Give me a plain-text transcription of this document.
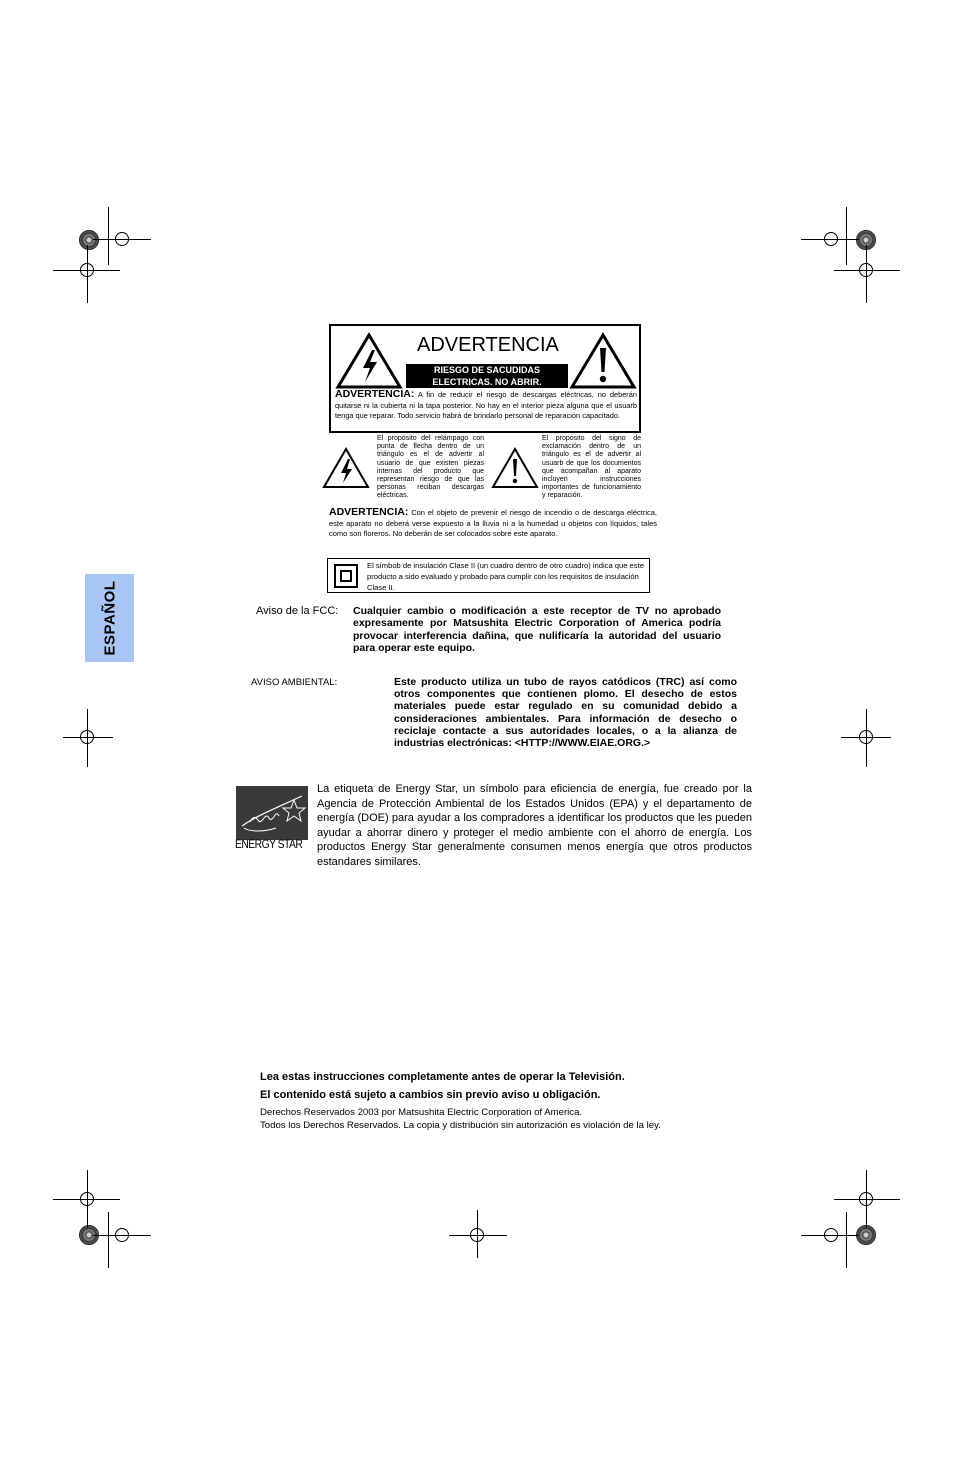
ESPAÑOL
ADVERTENCIA
RIESGO DE SACUDIDAS
ELECTRICAS. NO ABRIR.
ADVERTENCIA: A fin de reducir el riesgo de descargas eléctricas, no deberán quitarse ni la cubierta ni la tapa posterior. No hay en el interior pieza alguna que el usuarb tenga que reparar. Todo servicio habrá de brindarlo personal de reparación capacitado.
El propósito del relámpago con punta de flecha dentro de un triángulo es el de advertir al usuario de que existen piezas internas del producto que representan riesgo de que las personas reciban descargas eléctricas.
El propósito del signo de exclamación dentro de un triángulo es el de advertir al usuarb de que los documentos que acompañan al aparato incluyen instrucciones importantes de funcionamiento y reparación.
ADVERTENCIA: Con el objeto de prevenir el riesgo de incendio o de descarga eléctrica, este aparato no deberá verse expuesto a la lluvia ni a la humedad u objetos con líquidos, tales como son floreros. No deberán de ser colocados sobre este aparato.
El símbob de insulación Clase II (un cuadro dentro de otro cuadro) indica que este producto a sido evaluado y probado para cumplir con los requisitos de insulación Clase II.
Aviso de la FCC: Cualquier cambio o modificación a este receptor de TV no aprobado expresamente por Matsushita Electric Corporation of America podría provocar interferencia dañina, que nulificaría la autoridad del usuario para operar este equipo.
AVISO AMBIENTAL:	Este producto utiliza un tubo de rayos catódicos (TRC) así como otros componentes que contienen plomo. El desecho de estos materiales puede estar regulado en su comunidad debido a consideraciones ambientales. Para información de desecho o reciclaje contacte a sus autoridades locales, o a la alianza de industrias electrónicas: <HTTP://WWW.EIAE.ORG.>
ENERGY STAR
La etiqueta de Energy Star, un símbolo para eficiencia de energía, fue creado por la Agencia de Protección Ambiental de los Estados Unidos (EPA) y el departamento de energía (DOE) para ayudar a los compradores a identificar los productos que les pueden ayudar a ahorrar dinero y proteger el medio ambiente con el ahorro de energía. Los productos Energy Star generalmente consumen menos energía que otros productos estandares similares.
Lea estas instrucciones completamente antes de operar la Televisión.
El contenido está sujeto a cambios sin previo aviso u obligación.
Derechos Reservados 2003 por Matsushita Electric Corporation of America.
Todos los Derechos Reservados. La copia y distribución sin autorización es violación de la ley.
